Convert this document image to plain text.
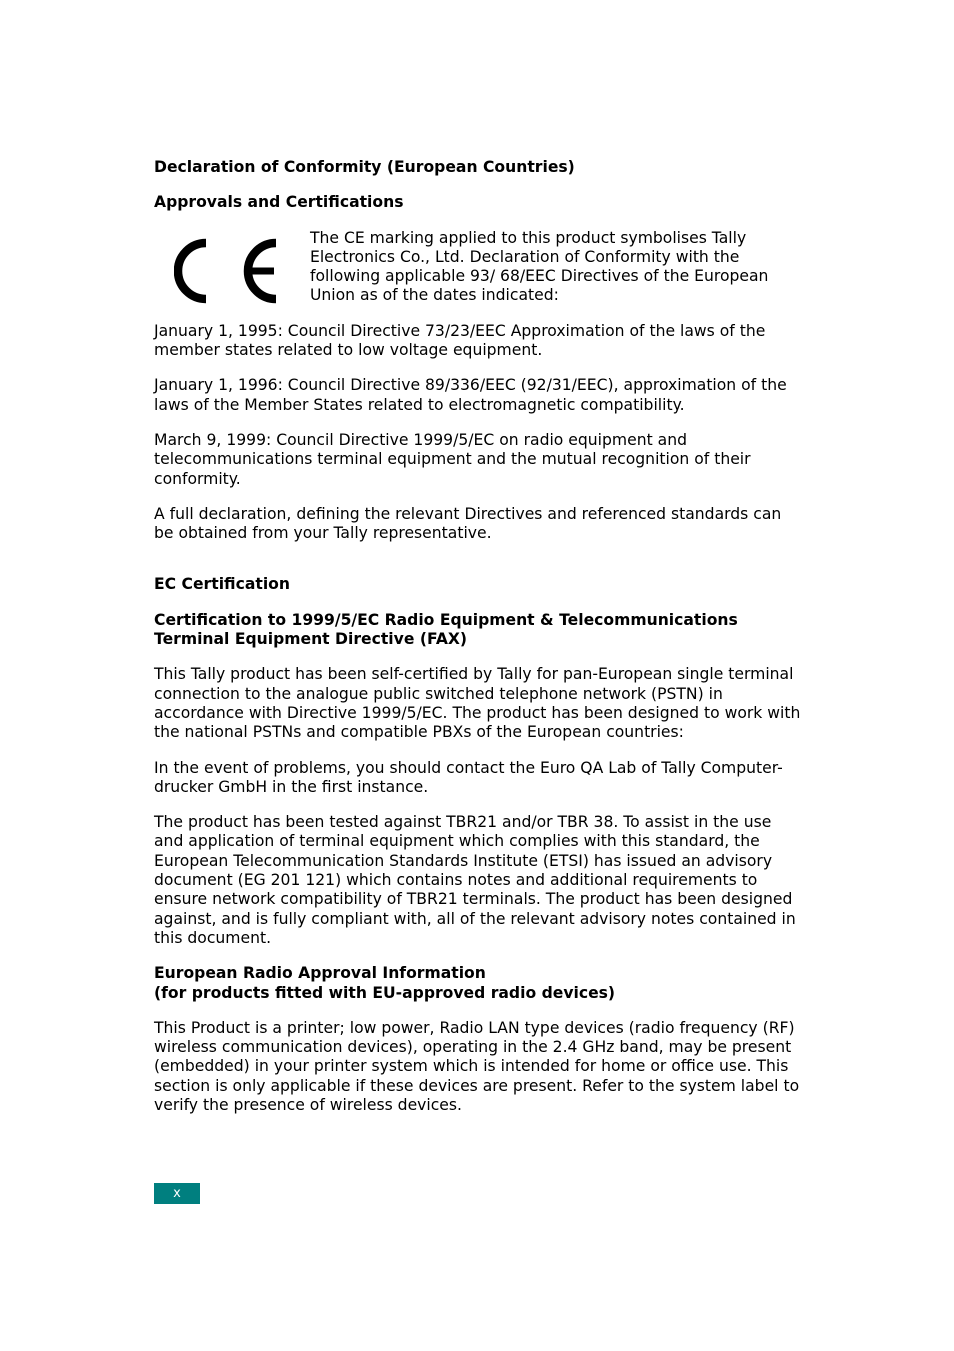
Declaration of Conformity (European Countries)
Approvals and Certifications

The CE marking applied to this product symbolises Tally Electronics Co., Ltd. Declaration of Conformity with the following applicable 93/ 68/EEC Directives of the European Union as of the dates indicated:

January 1, 1995: Council Directive 73/23/EEC Approximation of the laws of the member states related to low voltage equipment.

January 1, 1996: Council Directive 89/336/EEC (92/31/EEC), approximation of the laws of the Member States related to electromagnetic compatibility.

March 9, 1999: Council Directive 1999/5/EC on radio equipment and telecommunications terminal equipment and the mutual recognition of their conformity.

A full declaration, defining the relevant Directives and referenced standards can be obtained from your Tally representative.

EC Certification
Certification to 1999/5/EC Radio Equipment & Telecommunications
Terminal Equipment Directive (FAX)

This Tally product has been self-certified by Tally for pan-European single terminal connection to the analogue public switched telephone network (PSTN) in accordance with Directive 1999/5/EC. The product has been designed to work with the national PSTNs and compatible PBXs of the European countries:

In the event of problems, you should contact the Euro QA Lab of Tally Computer-drucker GmbH in the first instance.

The product has been tested against TBR21 and/or TBR 38. To assist in the use and application of terminal equipment which complies with this standard, the European Telecommunication Standards Institute (ETSI) has issued an advisory document (EG 201 121) which contains notes and additional requirements to ensure network compatibility of TBR21 terminals. The product has been designed against, and is fully compliant with, all of the relevant advisory notes contained in this document.

European Radio Approval Information
(for products fitted with EU-approved radio devices)

This Product is a printer; low power, Radio LAN type devices (radio frequency (RF) wireless communication devices), operating in the 2.4 GHz band, may be present (embedded) in your printer system which is intended for home or office use. This section is only applicable if these devices are present. Refer to the system label to verify the presence of wireless devices.

x
